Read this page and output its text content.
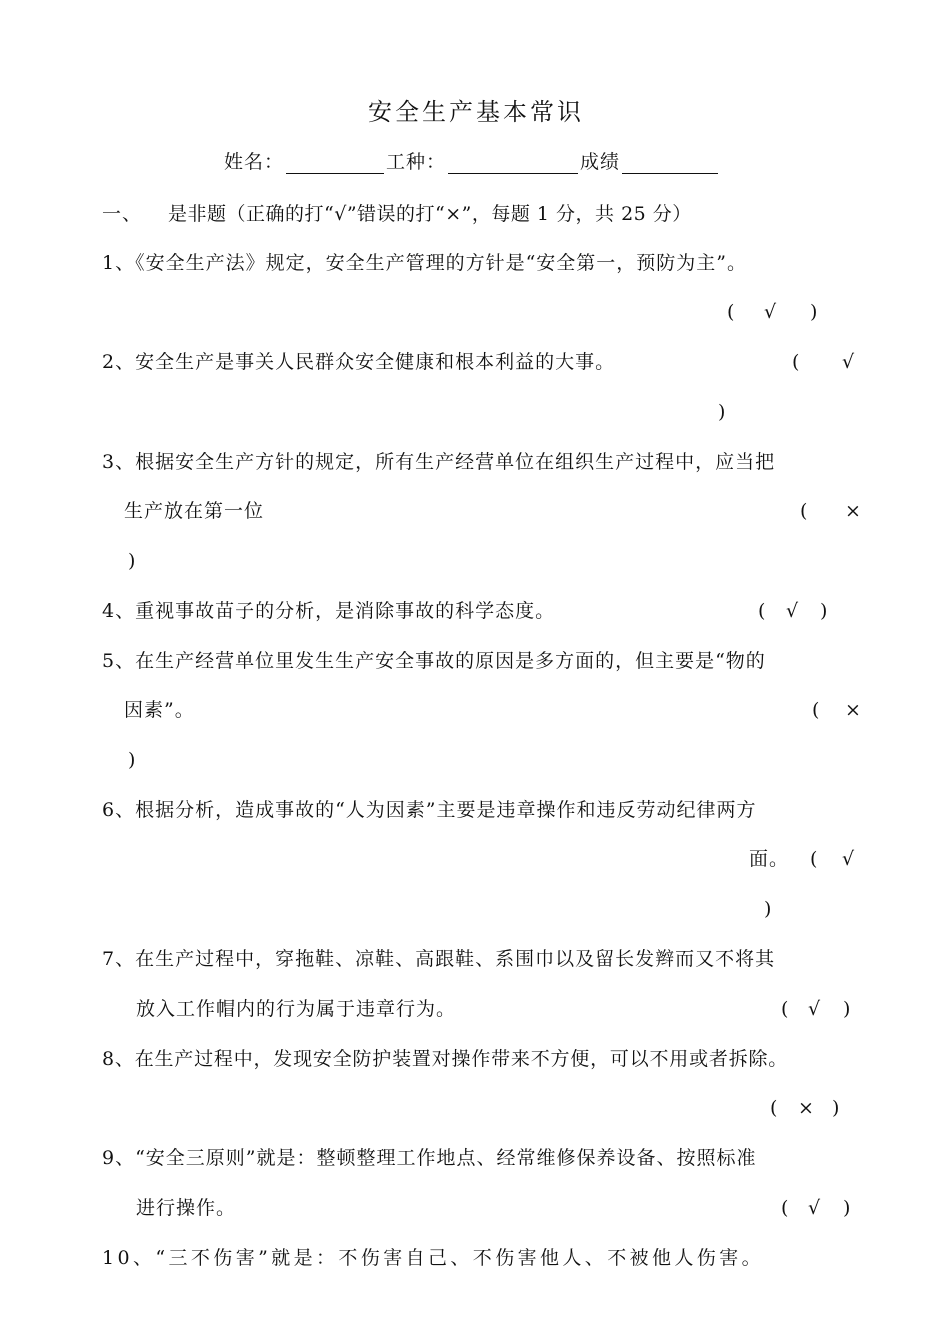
安全生产基本常识
姓名：	工种：	成绩
一、 是非题（正确的打“√”错误的打“×”，每题 1 分，共 25 分）
1、《安全生产法》规定，安全生产管理的方针是“安全第一，预防为主”。
( √ )
2、安全生产是事关人民群众安全健康和根本利益的大事。	( √
)
3、根据安全生产方针的规定，所有生产经营单位在组织生产过程中，应当把
生产放在第一位	( ×
)
4、重视事故苗子的分析，是消除事故的科学态度。	( √ )
5、在生产经营单位里发生生产安全事故的原因是多方面的，但主要是“物的
因素”。	( ×
)
6、根据分析，造成事故的“人为因素”主要是违章操作和违反劳动纪律两方
面。 ( √
)
7、在生产过程中，穿拖鞋、凉鞋、高跟鞋、系围巾以及留长发辫而又不将其
放入工作帽内的行为属于违章行为。	( √ )
8、在生产过程中，发现安全防护装置对操作带来不方便，可以不用或者拆除。
( × )
9、“安全三原则”就是：整顿整理工作地点、经常维修保养设备、按照标准
进行操作。	( √ )
10、“三不伤害”就是：不伤害自己、不伤害他人、不被他人伤害。
